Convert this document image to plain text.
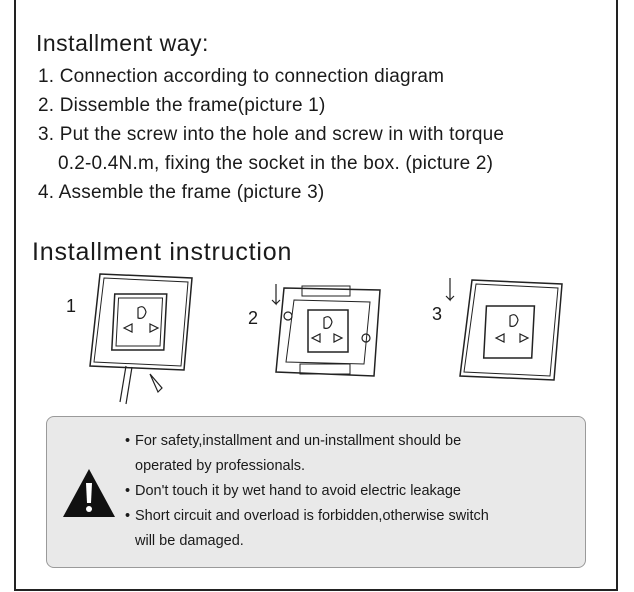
Installment way:
1. Connection according to connection diagram
2. Dissemble the frame(picture 1)
3. Put the screw into the hole and screw in with torque
0.2-0.4N.m, fixing the socket in the box. (picture 2)
4. Assemble the frame (picture 3)
Installment instruction
1
2	3
• For safety,installment and un-installment should be
operated by professionals.
• Don't touch it by wet hand to avoid electric leakage
• Short circuit and overload is forbidden,otherwise switch
will be damaged.
